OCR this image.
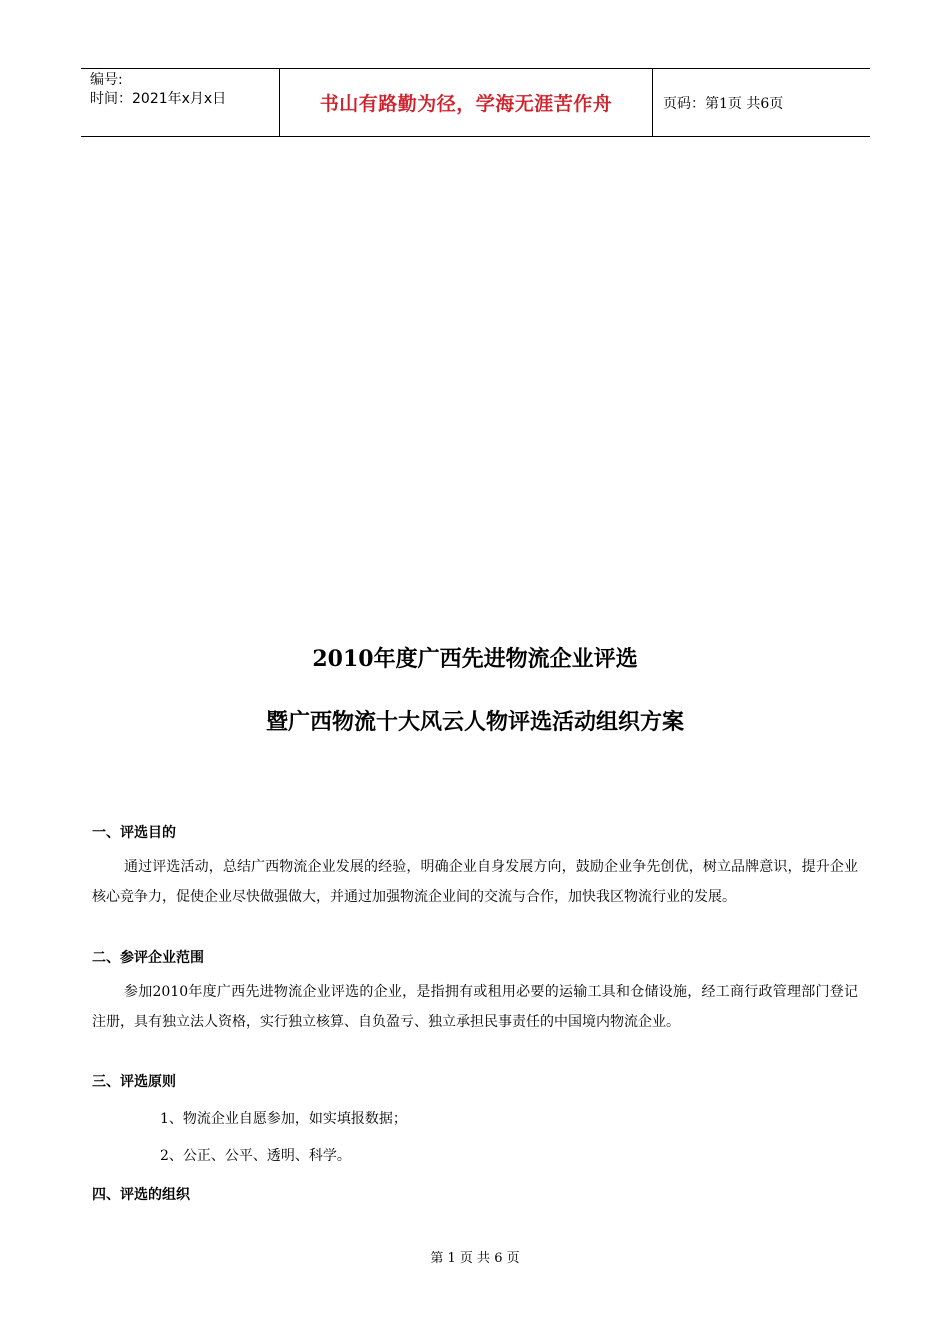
编号:
时间：2021年x月x日	书山有路勤为径，学海无涯苦作舟	页码：第1页 共6页
2010年度广西先进物流企业评选
暨广西物流十大风云人物评选活动组织方案
一、评选目的
通过评选活动，总结广西物流企业发展的经验，明确企业自身发展方向，鼓励企业争先创优，树立品牌意识，提升企业核心竞争力，促使企业尽快做强做大，并通过加强物流企业间的交流与合作，加快我区物流行业的发展。
二、参评企业范围
参加2010年度广西先进物流企业评选的企业，是指拥有或租用必要的运输工具和仓储设施，经工商行政管理部门登记注册，具有独立法人资格，实行独立核算、自负盈亏、独立承担民事责任的中国境内物流企业。
三、评选原则
1、物流企业自愿参加，如实填报数据；
2、公正、公平、透明、科学。
四、评选的组织
第 1 页 共 6 页
